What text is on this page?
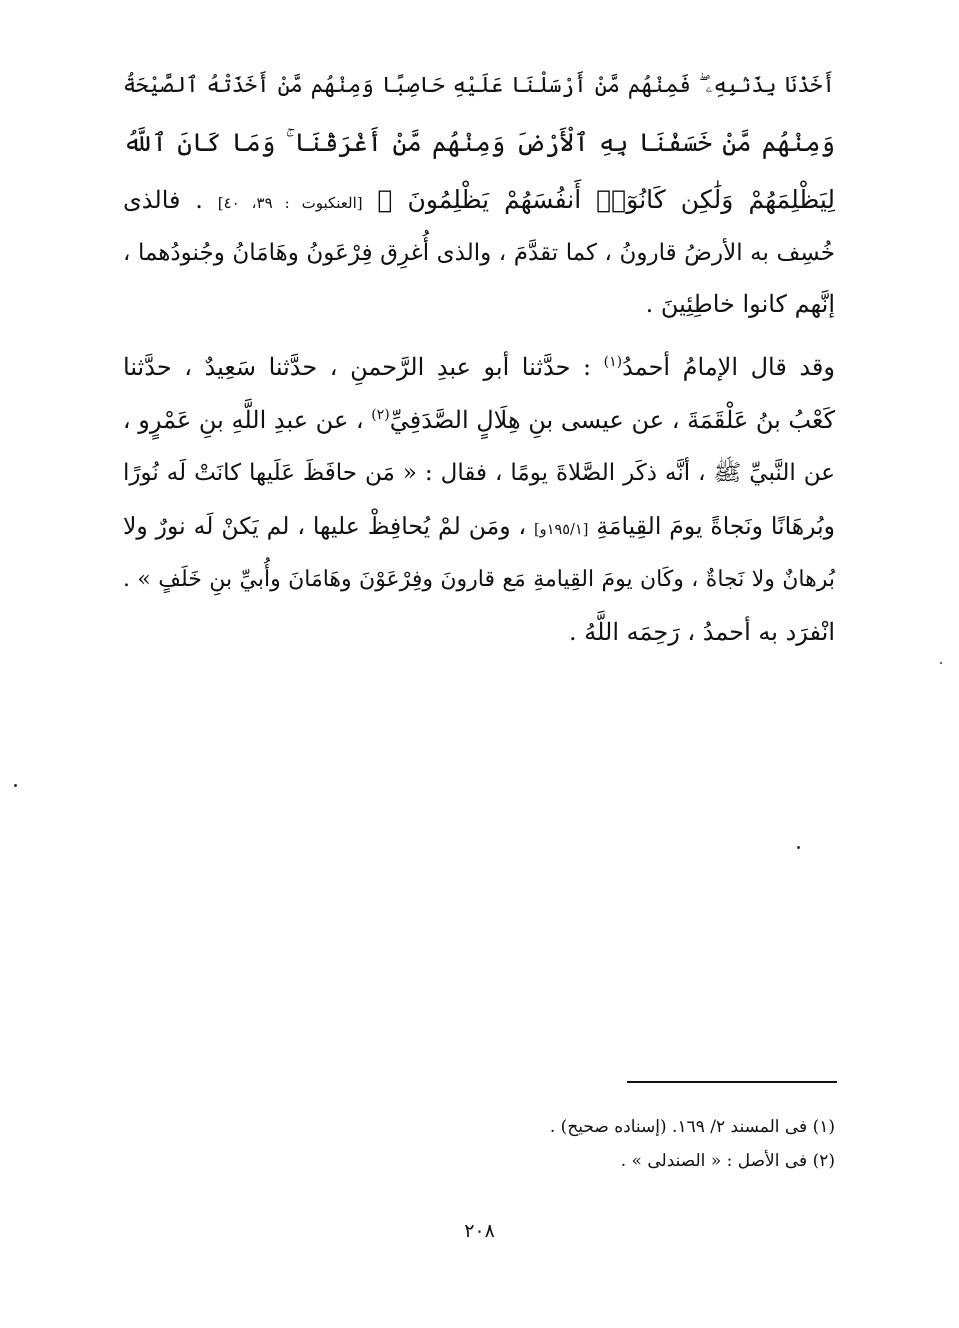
أَخَذْنَا بِذَنۢبِهِۦ ۖ فَمِنْهُم مَّنْ أَرْسَلْنَا عَلَيْهِ حَاصِبًا وَمِنْهُم مَّنْ أَخَذَتْهُ ٱلصَّيْحَةُ
وَمِنْهُم مَّنْ خَسَفْنَا بِهِ ٱلْأَرْضَ وَمِنْهُم مَّنْ أَغْرَقْنَا ۚ وَمَا كَانَ ٱللَّهُ
لِيَظْلِمَهُمْ وَلَٰكِن كَانُوٓا۟ أَنفُسَهُمْ يَظْلِمُونَ ﴾ [العنكبوت : ٣٩، ٤٠] . فالذى
خُسِف به الأرضُ قارونُ ، كما تقدَّمَ ، والذى أُغرِق فِرْعَونُ وهَامَانُ وجُنودُهما ،
إنَّهم كانوا خاطِئِينَ .
وقد قال الإمامُ أحمدُ$^{(١)}$ : حدَّثنا أبو عبدِ الرَّحمنِ ، حدَّثنا سَعِيدٌ ، حدَّثنا
كَعْبُ بنُ عَلْقَمَةَ ، عن عيسى بنِ هِلَالٍ الصَّدَفِيِّ$^{(٢)}$ ، عن عبدِ اللَّهِ بنِ عَمْرٍو ،
عن النَّبيِّ ﷺ ، أنَّه ذكَر الصَّلاةَ يومًا ، فقال : « مَن حافَظَ عَلَيها كانَتْ لَه نُورًا
وبُرهَانًا ونَجاةً يومَ القِيامَةِ [١٩٥/١و] ، ومَن لمْ يُحافِظْ عليها ، لم يَكنْ لَه نورٌ ولا
بُرهانٌ ولا نَجاةٌ ، وكَان يومَ القِيامةِ مَع قارونَ وفِرْعَوْنَ وهَامَانَ وأُبيِّ بنِ خَلَفٍ » .
انْفرَد به أحمدُ ، رَحِمَه اللَّهُ .
(١) فى المسند ٢/ ١٦٩. (إسناده صحيح) .
(٢) فى الأصل : « الصندلى » .
٢٠٨
